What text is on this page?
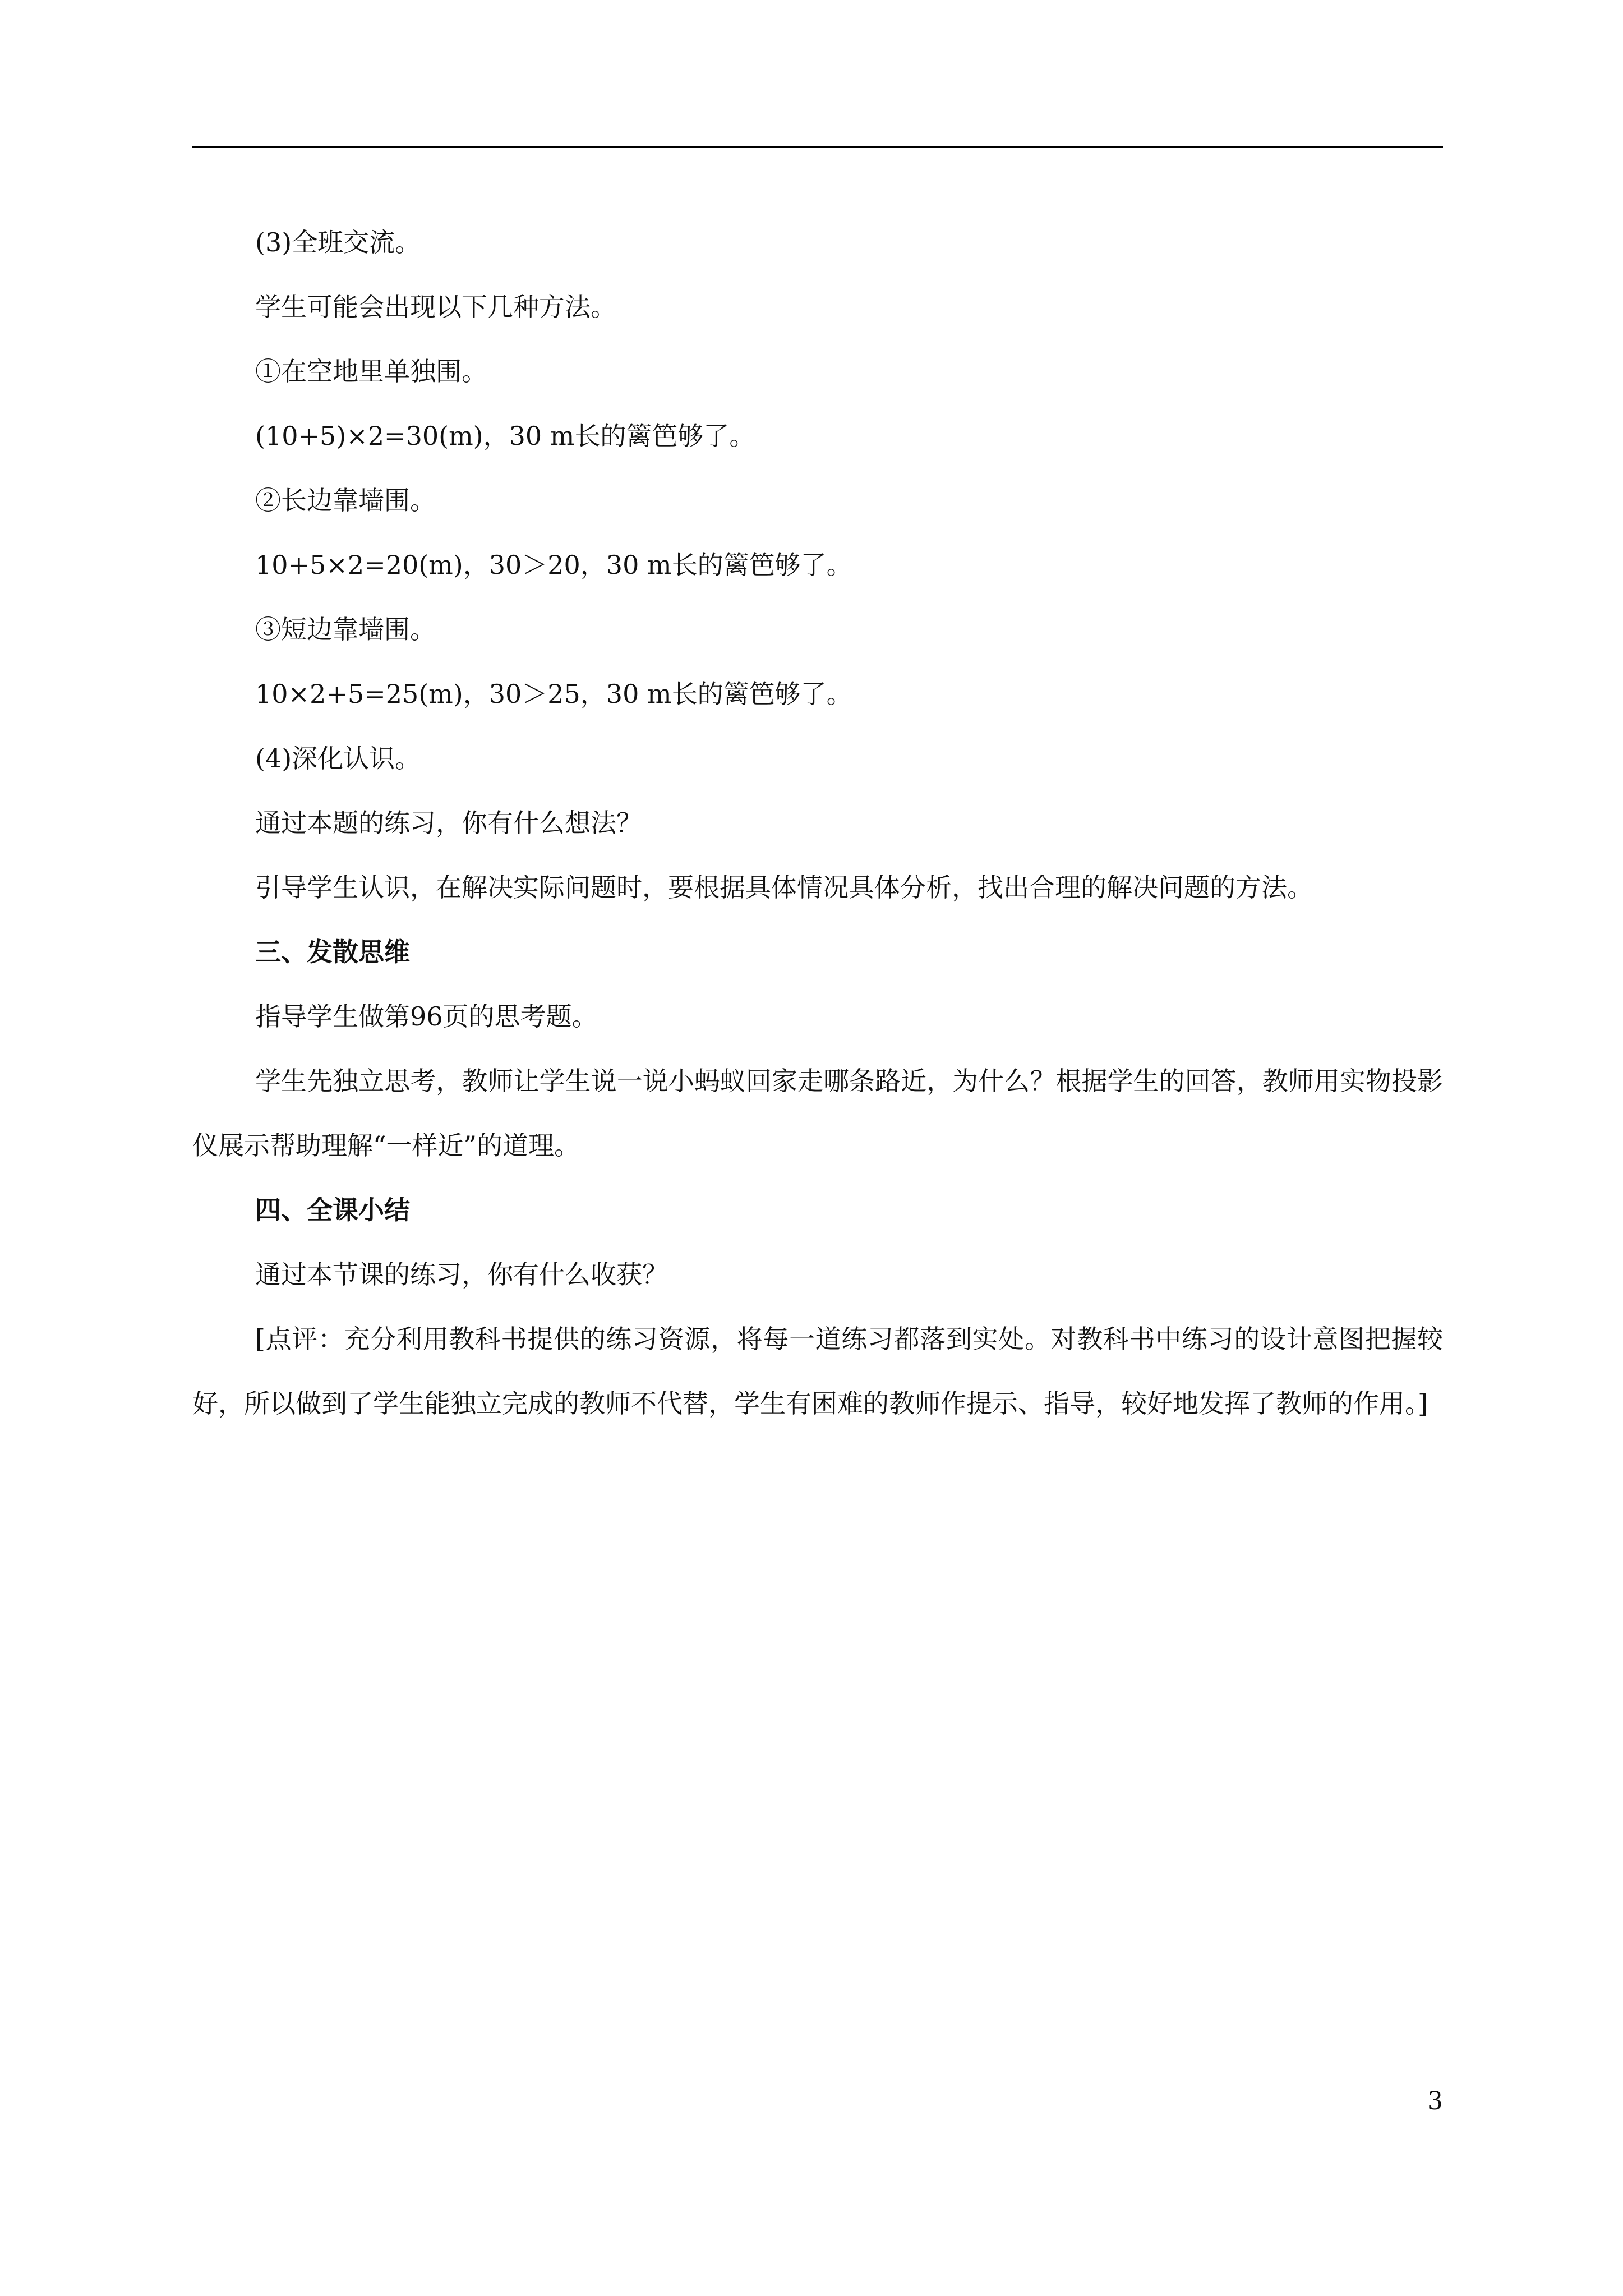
(3)全班交流。

学生可能会出现以下几种方法。

①在空地里单独围。

(10+5)×2=30(m)，30 m长的篱笆够了。

②长边靠墙围。

10+5×2=20(m)，30＞20，30 m长的篱笆够了。

③短边靠墙围。

10×2+5=25(m)，30＞25，30 m长的篱笆够了。

(4)深化认识。

通过本题的练习，你有什么想法？

引导学生认识，在解决实际问题时，要根据具体情况具体分析，找出合理的解决问题的方法。

三、发散思维

指导学生做第96页的思考题。

学生先独立思考，教师让学生说一说小蚂蚁回家走哪条路近，为什么？根据学生的回答，教师用实物投影仪展示帮助理解“一样近”的道理。

四、全课小结

通过本节课的练习，你有什么收获？

[点评：充分利用教科书提供的练习资源，将每一道练习都落到实处。对教科书中练习的设计意图把握较好，所以做到了学生能独立完成的教师不代替，学生有困难的教师作提示、指导，较好地发挥了教师的作用。]

3
